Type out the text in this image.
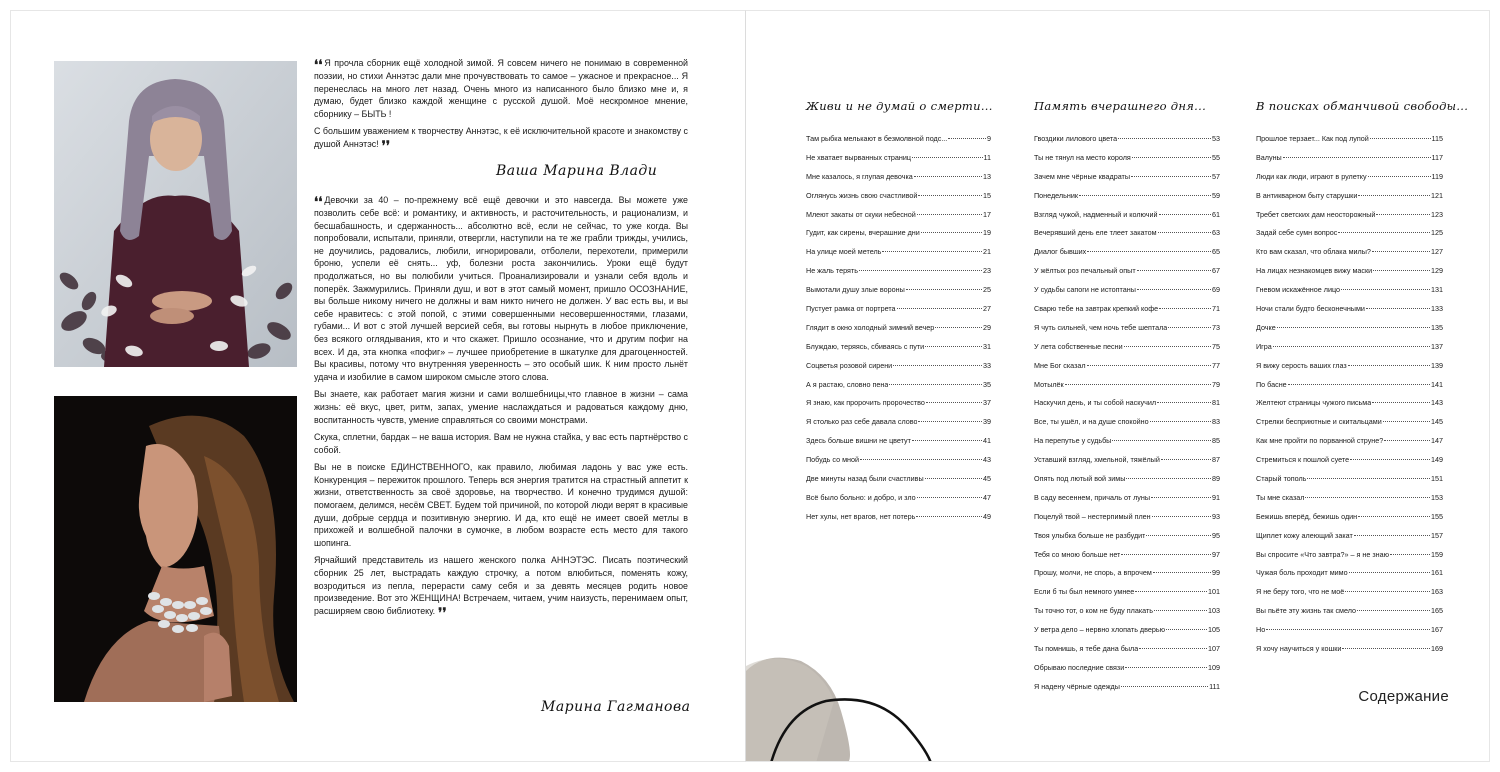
❛❛ Я прочла сборник ещё холодной зимой. Я совсем ничего не понимаю в современной поэзии, но стихи Аннэтэс дали мне прочувствовать то самое – ужасное и прекрасное... Я перенеслась на много лет назад. Очень много из написанного было близко мне и, я думаю, будет близко каждой женщине с русской душой. Моё нескромное мнение, сборнику – БЫТЬ !

С большим уважением к творчеству Аннэтэс, к её исключительной красоте и знакомству с душой Аннэтэс! ❜❜

Ваша Марина Влади

❛❛ Девочки за 40 – по-прежнему всё ещё девочки и это навсегда. Вы можете уже позволить себе всё: и романтику, и активность, и расточительность, и рационализм, и бесшабашность, и сдержанность... абсолютно всё, если не сейчас, то уже когда. Вы попробовали, испытали, приняли, отвергли, наступили на те же грабли трижды, учились, не доучились, радовались, любили, игнорировали, отболели, перехотели, примерили броню, успели её снять... уф, болезни роста закончились. Уроки ещё будут продолжаться, но вы полюбили учиться. Проанализировали и узнали себя вдоль и поперёк. Зажмурились. Приняли душ, и вот в этот самый момент, пришло ОСОЗНАНИЕ, вы больше никому ничего не должны и вам никто ничего не должен. У вас есть вы, и вы себе нравитесь: с этой попой, с этими совершенными несовершенностями, глазами, губами... И вот с этой лучшей версией себя, вы готовы нырнуть в любое приключение, без всякого оглядывания, кто и что скажет. Пришло осознание, что и другим пофиг на всех. И да, эта кнопка «пофиг» – лучшее приобретение в шкатулке для драгоценностей. Вы красивы, потому что внутренняя уверенность – это особый шик. К ним просто льнёт удача и изобилие в самом широком смысле этого слова.

Вы знаете, как работает магия жизни и сами волшебницы,что главное в жизни – сама жизнь: её вкус, цвет, ритм, запах, умение наслаждаться и радоваться каждому дню, воспитанность чувств, умение справляться со своими монстрами.

Скука, сплетни, бардак – не ваша история. Вам не нужна стайка, у вас есть партнёрство с собой.

Вы не в поиске ЕДИНСТВЕННОГО, как правило, любимая ладонь у вас уже есть. Конкуренция – пережиток прошлого. Теперь вся энергия тратится на страстный аппетит к жизни, ответственность за своё здоровье, на творчество. И конечно трудимся душой: помогаем, делимся, несём СВЕТ. Будем той причиной, по которой люди верят в красивые души, добрые сердца и позитивную энергию. И да, кто ещё не имеет своей метлы в прихожей и волшебной палочки в сумочке, в любом возрасте есть место для такого шопинга.

Ярчайший представитель из нашего женского полка АННЭТЭС. Писать поэтический сборник 25 лет, выстрадать каждую строчку, а потом влюбиться, поменять кожу, возродиться из пепла, перерасти саму себя и за девять месяцев родить новое произведение. Вот это ЖЕНЩИНА! Встречаем, читаем, учим наизусть, перенимаем опыт, расширяем свою библиотеку. ❜❜

Марина Гагманова
Живи и не думай о смерти...
Там рыбка мелькают в безмолвной подс...	9
Не хватает вырванных страниц	11
Мне казалось, я глупая девочка	13
Оглянусь жизнь свою счастливой	15
Млеют закаты от скуки небесной	17
Гудит, как сирены, вчерашние дни	19
На улице моей метель	21
Не жаль терять	23
Вымотали душу злые вороны	25
Пустует рамка от портрета	27
Глядит в окно холодный зимний вечер	29
Блуждаю, теряясь, сбиваясь с пути	31
Соцветья розовой сирени	33
А я растаю, словно пена	35
Я знаю, как пророчить пророчество	37
Я столько раз себе давала слово	39
Здесь больше вишни не цветут	41
Побудь со мной	43
Две минуты назад были счастливы	45
Всё было больно: и добро, и зло	47
Нет хулы, нет врагов, нет потерь	49
Память вчерашнего дня...
Гвоздики лилового цвета	53
Ты не тянул на место короля	55
Зачем мне чёрные квадраты	57
Понедельник	59
Взгляд чужой, надменный и колючий	61
Вечерявший день еле тлеет закатом	63
Диалог бывших	65
У жёлтых роз печальный опыт	67
У судьбы сапоги не истоптаны	69
Сварю тебе на завтрак крепкий кофе	71
Я чуть сильней, чем ночь тебе шептала	73
У лета собственные песни	75
Мне Бог сказал	77
Мотылёк	79
Наскучил день, и ты собой наскучил	81
Все, ты ушёл, и на душе спокойно	83
На перепутье у судьбы	85
Уставший взгляд, хмельной, тяжёлый	87
Опять под лютый вой зимы	89
В саду весеннем, причаль от луны	91
Поцелуй твой – нестерпимый плен	93
Твоя улыбка больше не разбудит	95
Тебя со мною больше нет	97
Прошу, молчи, не спорь, а впрочем	99
Если б ты был немного умнее	101
Ты точно тот, о ком не буду плакать	103
У ветра дело – нервно хлопать дверью	105
Ты помнишь, я тебе дана была	107
Обрываю последние связи	109
Я надену чёрные одежды	111
В поисках обманчивой свободы...
Прошлое терзает... Как под лупой	115
Валуны	117
Люди как люди, играют в рулетку	119
В антикварном быту старушки	121
Требет светских дам неосторожный	123
Задай себе сумн вопрос	125
Кто вам сказал, что облака милы?	127
На лицах незнакомцев вижу маски	129
Гневом искажённое лицо	131
Ночи стали будто бесконечными	133
Дочке	135
Игра	137
Я вижу серость ваших глаз	139
По басне	141
Желтеют страницы чужого письма	143
Стрелки бесприютные и скитальцами	145
Как мне пройти по порванной струне?	147
Стремиться к пошлой суете	149
Старый тополь	151
Ты мне сказал	153
Бежишь вперёд, бежишь один	155
Щиплет кожу алеющий закат	157
Вы спросите «Что завтра?» – я не знаю	159
Чужая боль проходит мимо	161
Я не беру того, что не моё	163
Вы пьёте эту жизнь так смело	165
Но	167
Я хочу научиться у кошки	169
Содержание
